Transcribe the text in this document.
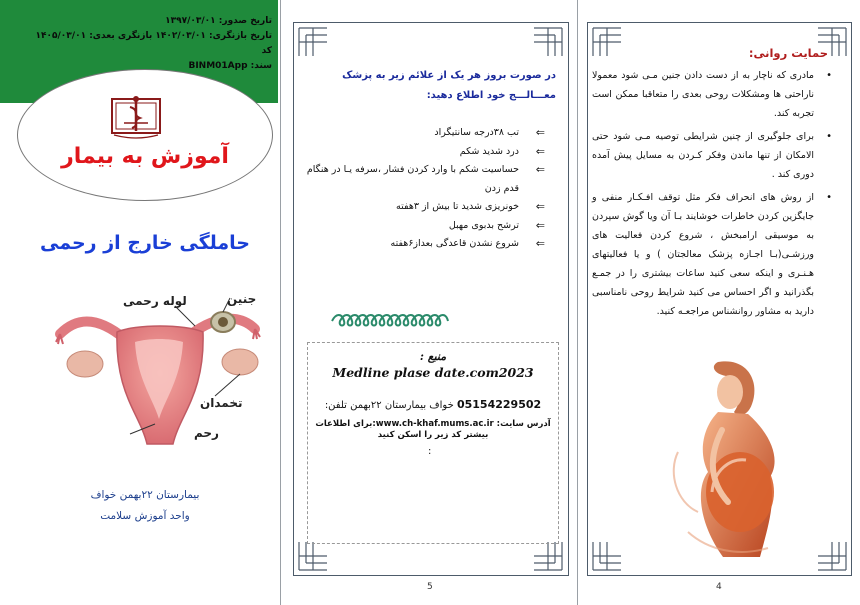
تاریخ صدور: ۱۳۹۷/۰۳/۰۱
تاریخ بازنگری: ۱۴۰۲/۰۳/۰۱ بازنگری بعدی: ۱۴۰۵/۰۳/۰۱ کد
سند: BINM01App
آموزش به بیمار
حاملگی خارج از رحمی
جنین
لوله رحمی
تخمدان
رحم
بیمارستان ۲۲بهمن خواف
واحد آموزش سلامت
در صورت بروز هر یک از علائم زیر به پزشک معـــالـــج خود اطلاع دهید:
⇐
تب ۳۸درجه سانتیگراد
⇐
درد شدید شکم
⇐
حساسیت شکم با وارد کردن فشار ،سرفه یـا در هنگام قدم زدن
⇐
خونریزی شدید تا بیش از ۳هفته
⇐
ترشح بدبوی مهبل
⇐
شروع نشدن قاعدگی بعداز۶هفته
منبع :
Medline plase date.com2023
05154229502 خواف بیمارستان ۲۲بهمن تلفن:
آدرس سایت: www.ch-khaf.mums.ac.ir:برای اطلاعات بیشتر کد زیر را اسکن کنید
:
5
حمایت روانی:
•
مادری که ناچار به از دست دادن جنین مـی شود معمولا ناراحتی ها ومشکلات روحی بعدی را متعاقبا ممکن است تجربه کند.
•
برای جلوگیری از چنین شرایطی توصیه مـی شود حتی الامکان از تنها ماندن وفکر کـردن به مسایل پیش آمده دوری کند .
•
از روش های انحراف فکر مثل توقف افـکـار منفی و جایگزین کردن خاطرات خوشایند بـا آن ویا گوش سپردن به موسیقی ارامبخش ، شروع کردن فعالیت های ورزشـی(بـا اجـازه پزشک معالجتان ) و یا فعالیتهای هـنـری و اینکه سعی کنید ساعات بیشتری را در جمـع بگذرانید و اگر احساس می کنید شرایط روحی نامناسبی دارید به مشاور روانشناس مراجعـه کنید.
4
